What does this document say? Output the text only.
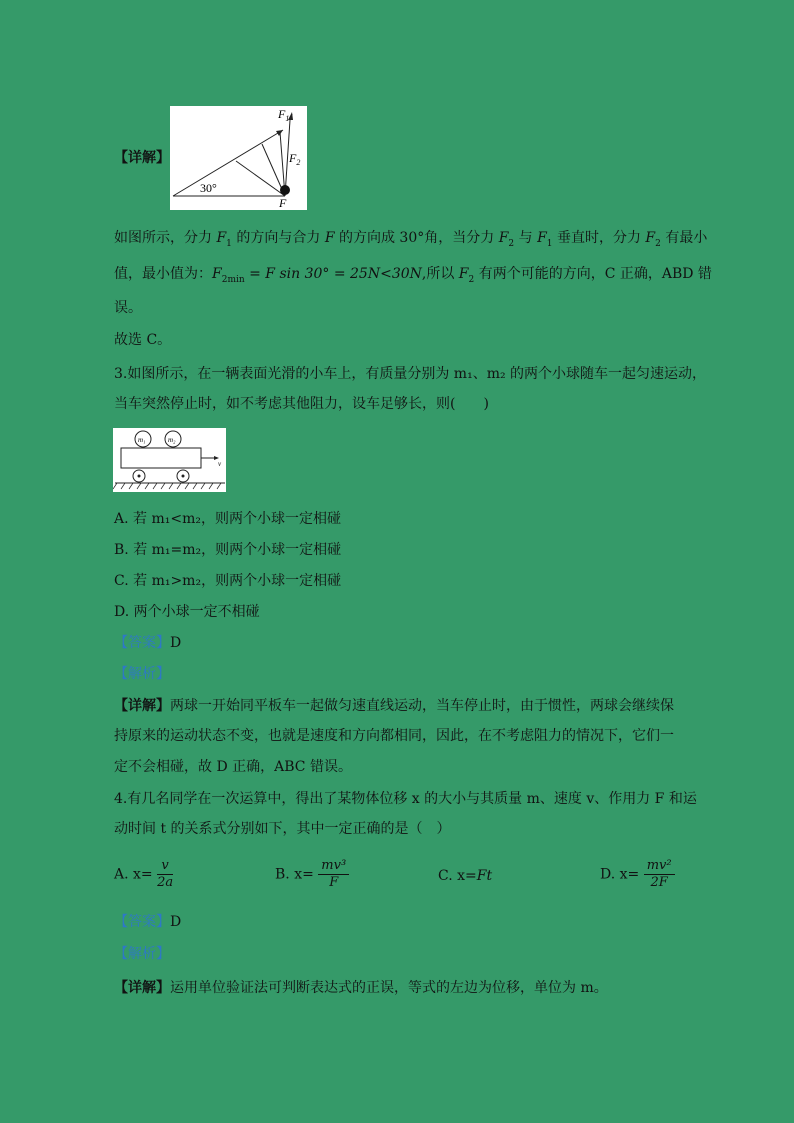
【详解】
$F_1$
$F_2$
F
30°
如图所示，分力 $F_1$ 的方向与合力 F 的方向成 30°角，当分力 $F_2$ 与 $F_1$ 垂直时，分力 $F_2$ 有最小
值，最小值为：$F_{2min} = F$ sin 30° = 25N<30N,所以 $F_2$ 有两个可能的方向，C 正确，ABD 错
误。
故选 C。
3.如图所示，在一辆表面光滑的小车上，有质量分别为 m₁、m₂ 的两个小球随车一起匀速运动，
当车突然停止时，如不考虑其他阻力，设车足够长，则(　　)
m₁	m₂
v
A. 若 m₁<m₂，则两个小球一定相碰
B. 若 m₁=m₂，则两个小球一定相碰
C. 若 m₁>m₂，则两个小球一定相碰
D. 两个小球一定不相碰
【答案】D
【解析】
【详解】两球一开始同平板车一起做匀速直线运动，当车停止时，由于惯性，两球会继续保
持原来的运动状态不变，也就是速度和方向都相同，因此，在不考虑阻力的情况下，它们一
定不会相碰，故 D 正确，ABC 错误。
4.有几名同学在一次运算中，得出了某物体位移 x 的大小与其质量 m、速度 v、作用力 F 和运
动时间 t 的关系式分别如下，其中一定正确的是（　）
A. $x= \frac{v}{2a}$	B. $x= \frac{\text{mv³}}{F}$	C. x=Ft	D. $x= \frac{\text{mv²}}{2F}$
【答案】D
【解析】
【详解】运用单位验证法可判断表达式的正误，等式的左边为位移，单位为 m。
